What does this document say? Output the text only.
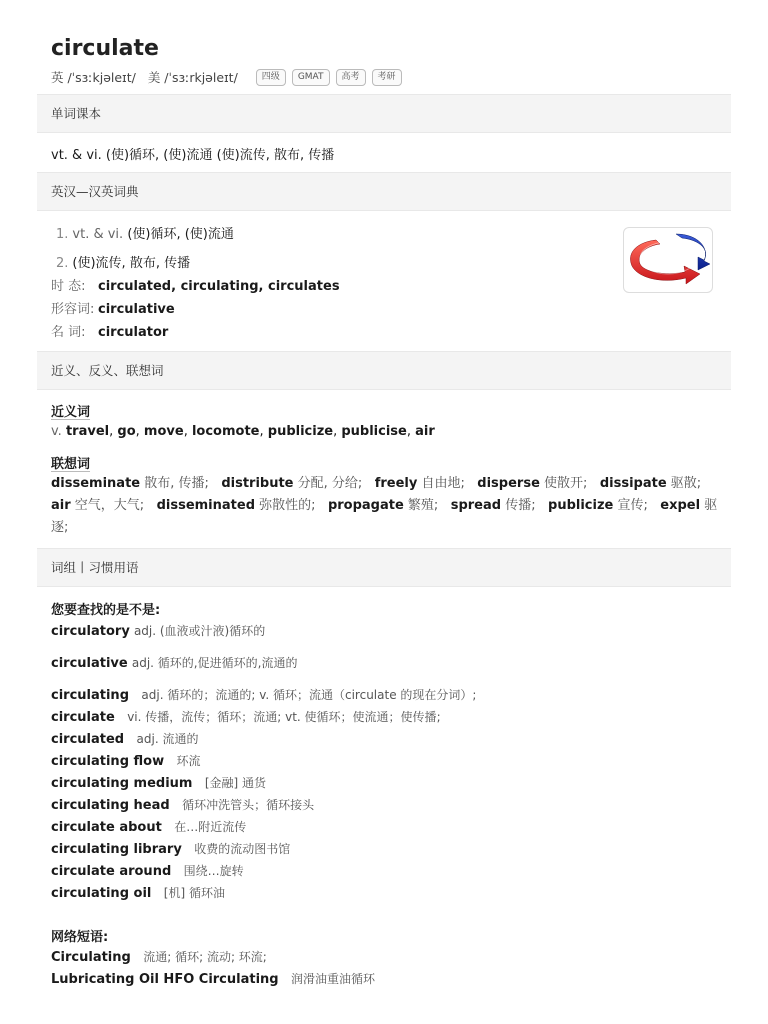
circulate
英 /ˈsɜːkjəleɪt/ 美 /ˈsɜːrkjəleɪt/	四级	GMAT	高考	考研
单词课本
vt. & vi. (使)循环, (使)流通 (使)流传, 散布, 传播
英汉—汉英词典
1. vt. & vi. (使)循环, (使)流通
2. (使)流传, 散布, 传播
时 态: circulated, circulating, circulates
形容词: circulative
名 词: circulator
近义、反义、联想词
近义词
v. travel, go, move, locomote, publicize, publicise, air
联想词
disseminate 散布, 传播; distribute 分配, 分给; freely 自由地; disperse 使散开; dissipate 驱散;   air 空气，大气; disseminated 弥散性的; propagate 繁殖; spread 传播; publicize 宣传; expel 驱逐;
词组丨习惯用语
您要查找的是不是:
circulatory adj. (血液或汁液)循环的
circulative adj. 循环的,促进循环的,流通的
circulating adj. 循环的；流通的; v. 循环；流通（circulate 的现在分词）;
circulate vi. 传播，流传；循环；流通; vt. 使循环；使流通；使传播;
circulated adj. 流通的
circulating flow 环流
circulating medium [金融] 通货
circulating head 循环冲洗管头；循环接头
circulate about 在…附近流传
circulating library 收费的流动图书馆
circulate around 围绕…旋转
circulating oil [机] 循环油
网络短语:
Circulating 流通; 循环; 流动; 环流;
Lubricating Oil HFO Circulating 润滑油重油循环
